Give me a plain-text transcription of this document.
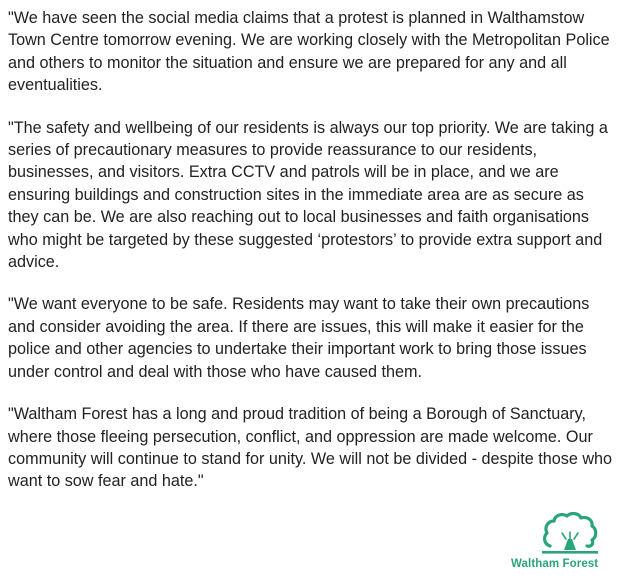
"We have seen the social media claims that a protest is planned in Walthamstow Town Centre tomorrow evening. We are working closely with the Metropolitan Police and others to monitor the situation and ensure we are prepared for any and all eventualities.

"The safety and wellbeing of our residents is always our top priority. We are taking a series of precautionary measures to provide reassurance to our residents, businesses, and visitors. Extra CCTV and patrols will be in place, and we are ensuring buildings and construction sites in the immediate area are as secure as they can be. We are also reaching out to local businesses and faith organisations who might be targeted by these suggested ‘protestors’ to provide extra support and advice.

"We want everyone to be safe. Residents may want to take their own precautions and consider avoiding the area. If there are issues, this will make it easier for the police and other agencies to undertake their important work to bring those issues under control and deal with those who have caused them.

"Waltham Forest has a long and proud tradition of being a Borough of Sanctuary, where those fleeing persecution, conflict, and oppression are made welcome. Our community will continue to stand for unity. We will not be divided - despite those who want to sow fear and hate."

Waltham Forest
